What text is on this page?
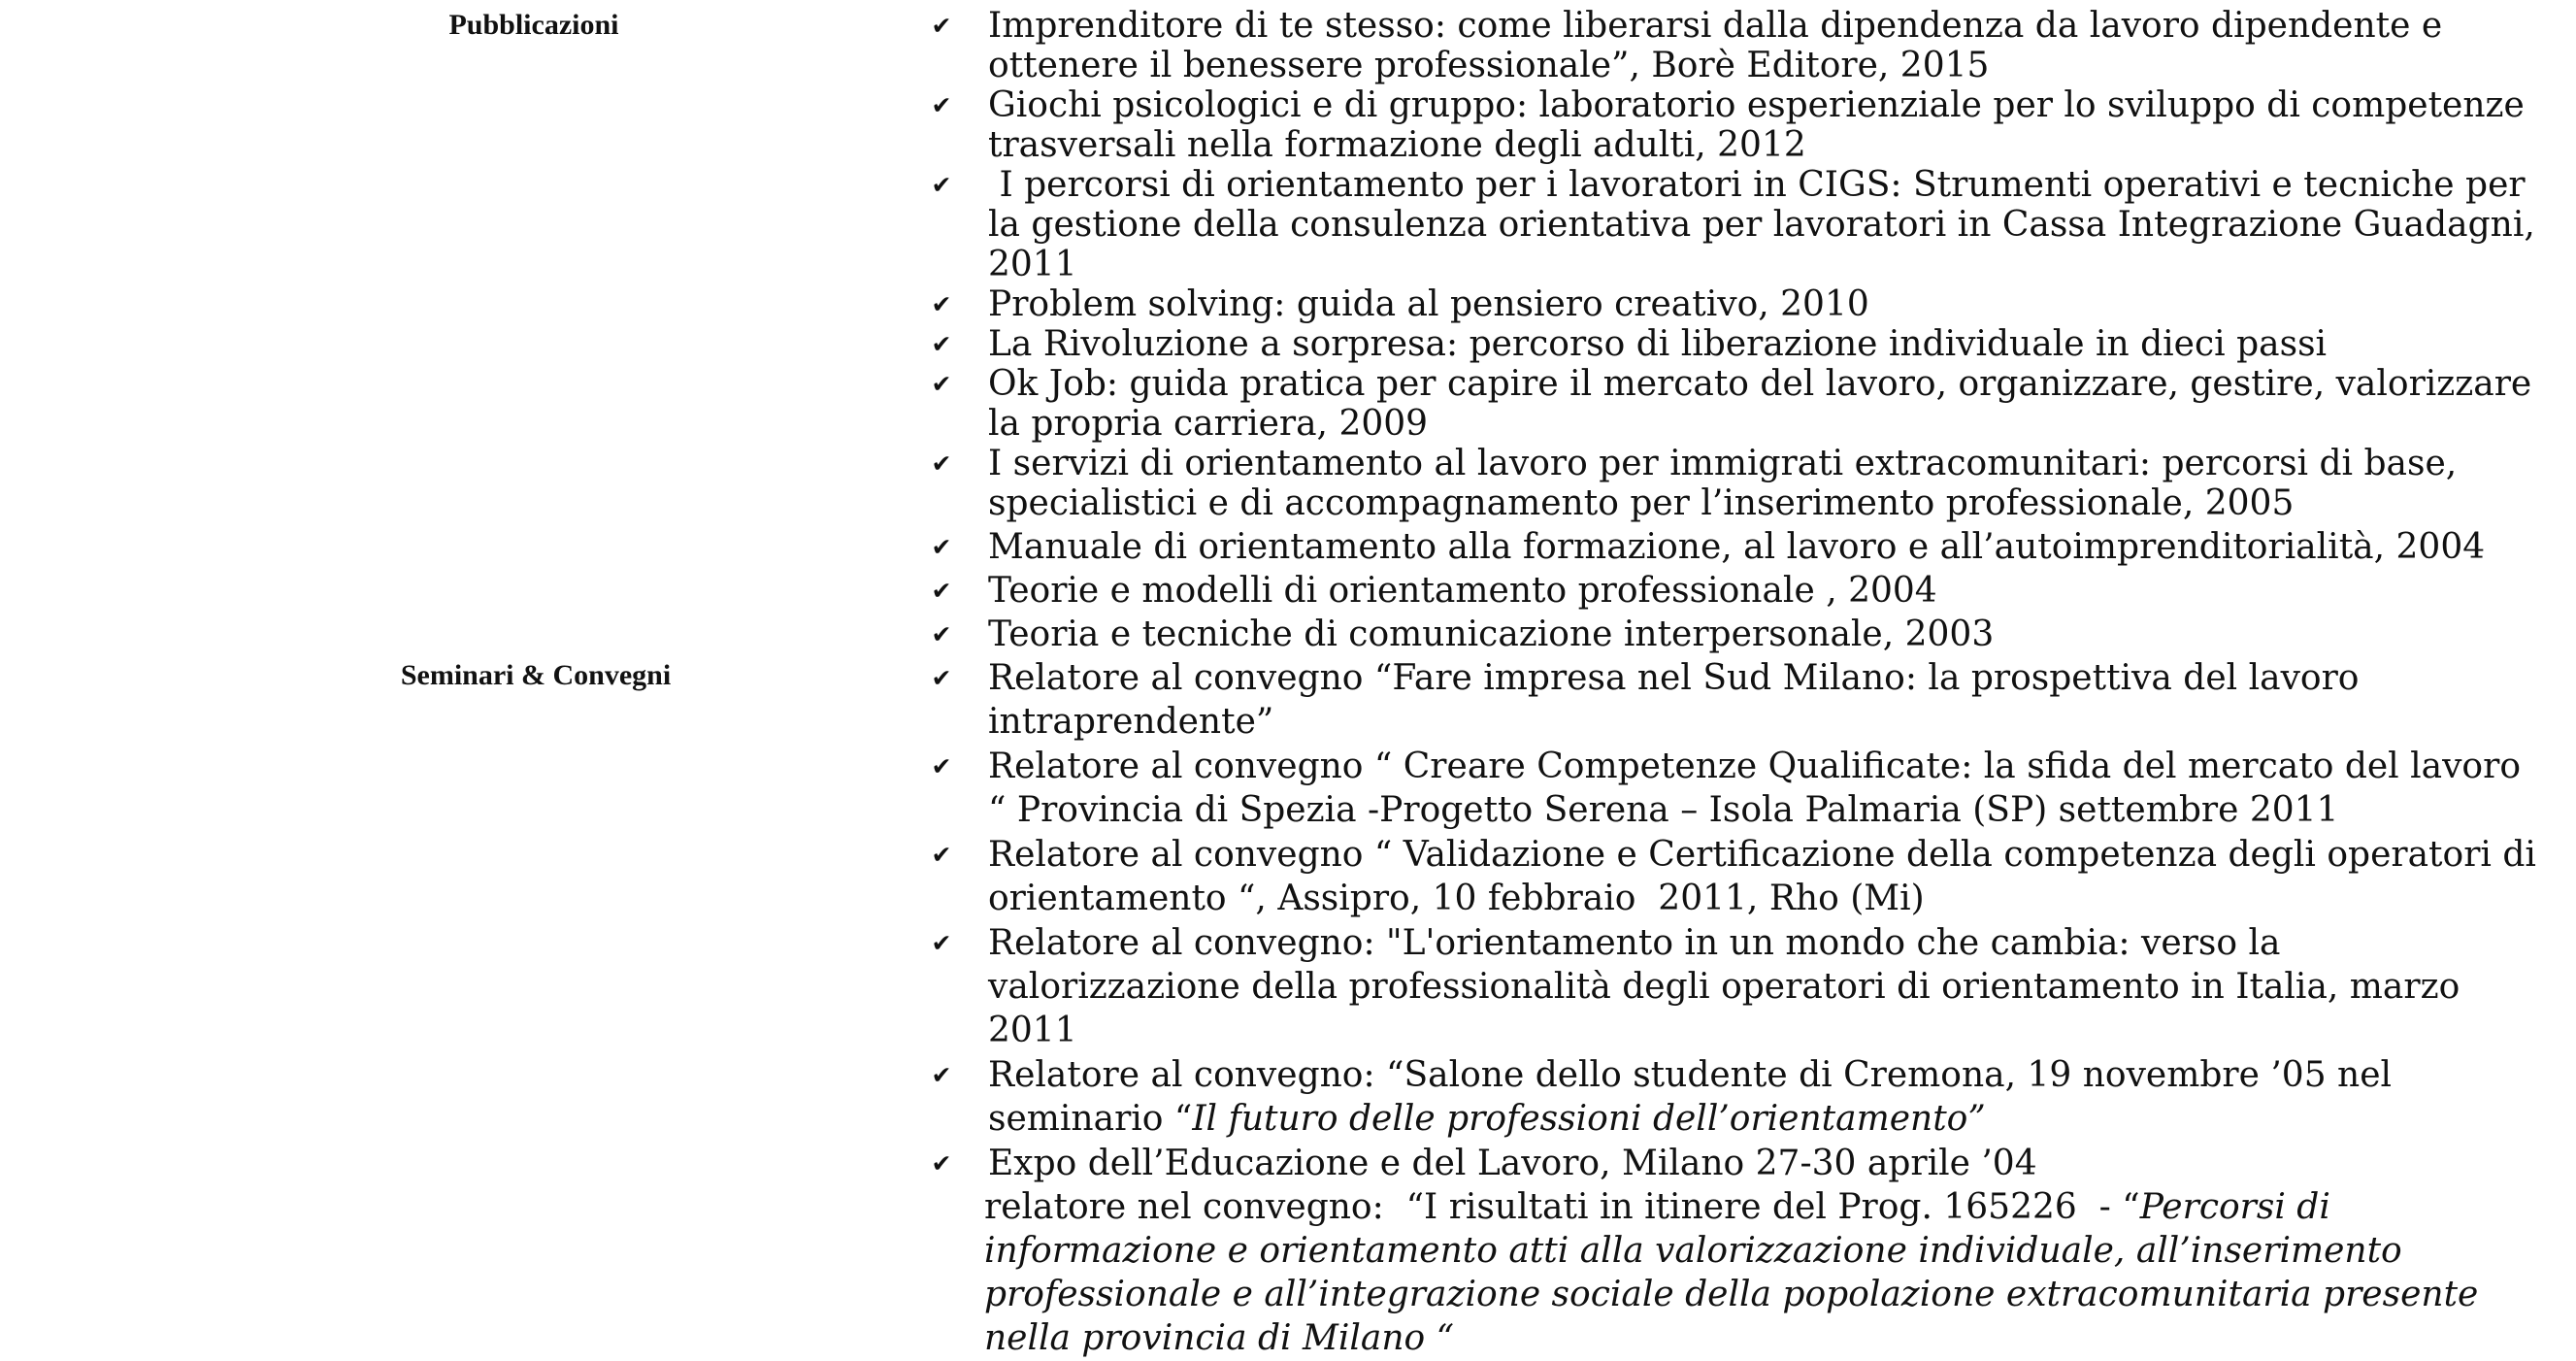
Pubblicazioni	✔ Imprenditore di te stesso: come liberarsi dalla dipendenza da lavoro dipendente e ottenere il benessere professionale”, Borè Editore, 2015
✔ Giochi psicologici e di gruppo: laboratorio esperienziale per lo sviluppo di competenze trasversali nella formazione degli adulti, 2012
✔ I percorsi di orientamento per i lavoratori in CIGS: Strumenti operativi e tecniche per la gestione della consulenza orientativa per lavoratori in Cassa Integrazione Guadagni, 2011
✔ Problem solving: guida al pensiero creativo, 2010
✔ La Rivoluzione a sorpresa: percorso di liberazione individuale in dieci passi
✔ Ok Job: guida pratica per capire il mercato del lavoro, organizzare, gestire, valorizzare la propria carriera, 2009
✔ I servizi di orientamento al lavoro per immigrati extracomunitari: percorsi di base, specialistici e di accompagnamento per l’inserimento professionale, 2005
✔ Manuale di orientamento alla formazione, al lavoro e all’autoimprenditorialità, 2004
✔ Teorie e modelli di orientamento professionale , 2004
✔ Teoria e tecniche di comunicazione interpersonale, 2003
Seminari & Convegni	✔ Relatore al convegno “Fare impresa nel Sud Milano: la prospettiva del lavoro intraprendente”
✔ Relatore al convegno “ Creare Competenze Qualificate: la sfida del mercato del lavoro “ Provincia di Spezia -Progetto Serena – Isola Palmaria (SP) settembre 2011
✔ Relatore al convegno “ Validazione e Certificazione della competenza degli operatori di orientamento “, Assipro, 10 febbraio  2011, Rho (Mi)
✔ Relatore al convegno: "L'orientamento in un mondo che cambia: verso la valorizzazione della professionalità degli operatori di orientamento in Italia, marzo 2011
✔ Relatore al convegno: “Salone dello studente di Cremona, 19 novembre ’05 nel seminario “Il futuro delle professioni dell’orientamento”
✔ Expo dell’Educazione e del Lavoro, Milano 27-30 aprile ’04
relatore nel convegno:  “I risultati in itinere del Prog. 165226  - “Percorsi di informazione e orientamento atti alla valorizzazione individuale, all’inserimento professionale e all’integrazione sociale della popolazione extracomunitaria presente nella provincia di Milano “
